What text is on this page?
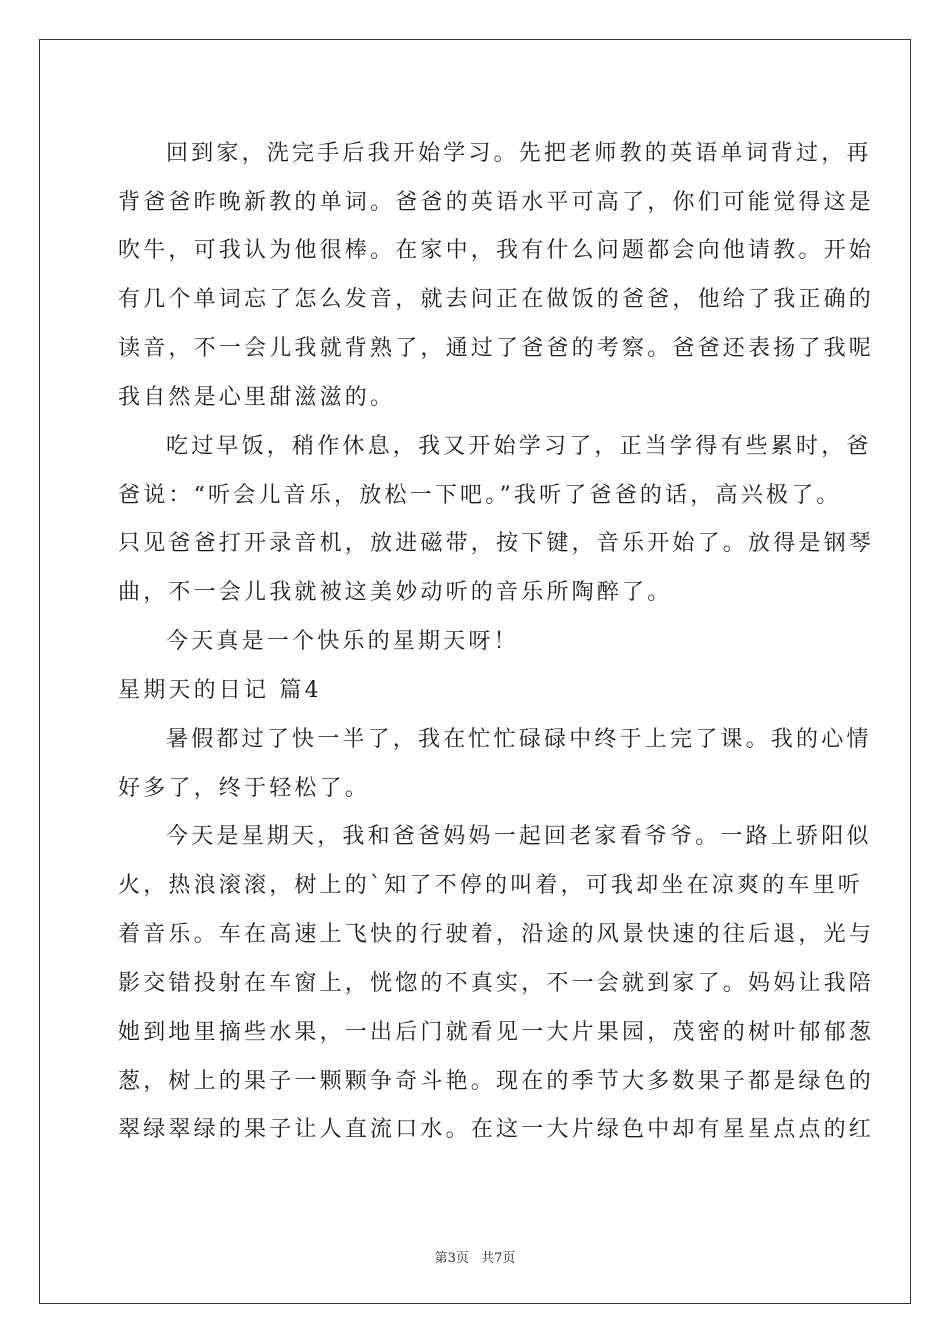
回到家，洗完手后我开始学习。先把老师教的英语单词背过，再
背爸爸昨晚新教的单词。爸爸的英语水平可高了，你们可能觉得这是
吹牛，可我认为他很棒。在家中，我有什么问题都会向他请教。开始
有几个单词忘了怎么发音，就去问正在做饭的爸爸，他给了我正确的
读音，不一会儿我就背熟了，通过了爸爸的考察。爸爸还表扬了我呢
我自然是心里甜滋滋的。
吃过早饭，稍作休息，我又开始学习了，正当学得有些累时，爸
爸说：“听会儿音乐，放松一下吧。”我听了爸爸的话，高兴极了。
只见爸爸打开录音机，放进磁带，按下键，音乐开始了。放得是钢琴
曲，不一会儿我就被这美妙动听的音乐所陶醉了。
今天真是一个快乐的星期天呀！
星期天的日记 篇4
暑假都过了快一半了，我在忙忙碌碌中终于上完了课。我的心情
好多了，终于轻松了。
今天是星期天，我和爸爸妈妈一起回老家看爷爷。一路上骄阳似
火，热浪滚滚，树上的`知了不停的叫着，可我却坐在凉爽的车里听
着音乐。车在高速上飞快的行驶着，沿途的风景快速的往后退，光与
影交错投射在车窗上，恍惚的不真实，不一会就到家了。妈妈让我陪
她到地里摘些水果，一出后门就看见一大片果园，茂密的树叶郁郁葱
葱，树上的果子一颗颗争奇斗艳。现在的季节大多数果子都是绿色的
翠绿翠绿的果子让人直流口水。在这一大片绿色中却有星星点点的红
第3页 共7页
